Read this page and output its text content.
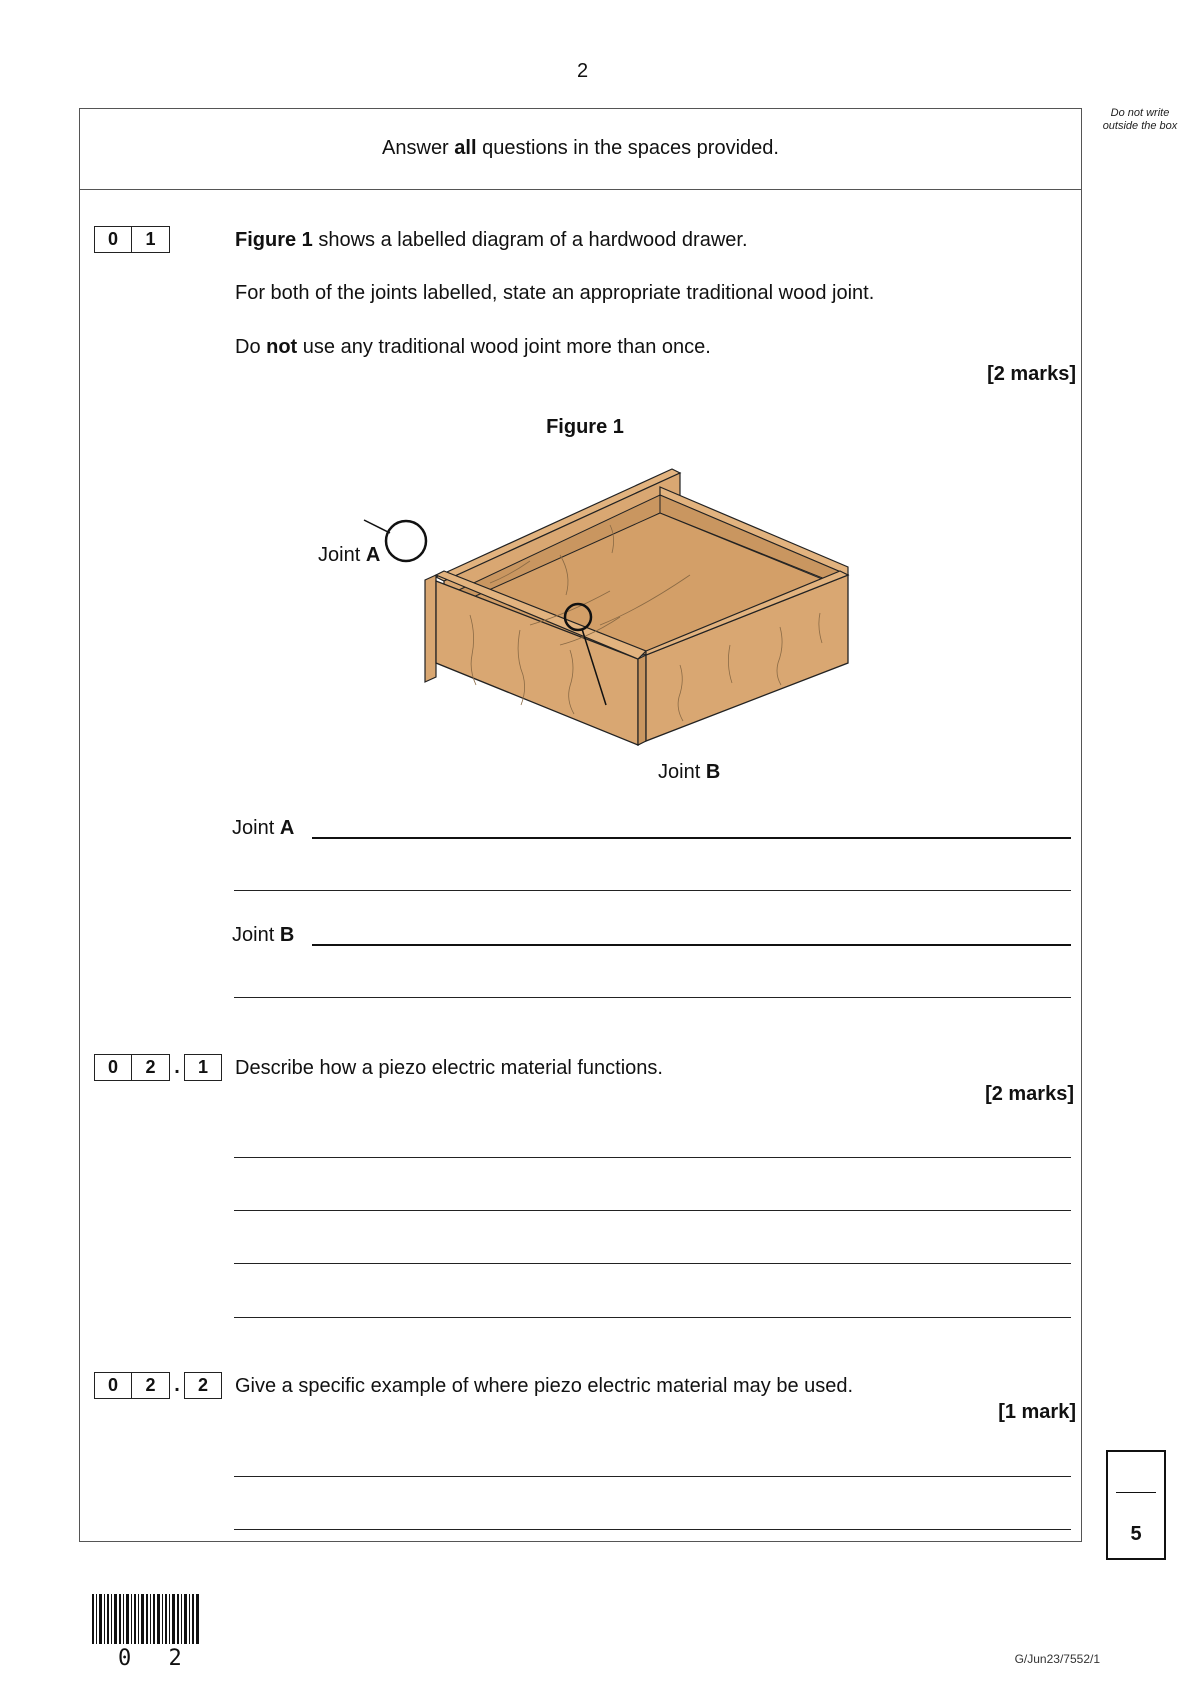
2
Do not write outside the box
Answer all questions in the spaces provided.
0	1	Figure 1 shows a labelled diagram of a hardwood drawer.
For both of the joints labelled, state an appropriate traditional wood joint.
Do not use any traditional wood joint more than once.
[2 marks]
Figure 1
Joint A
Joint B
Joint A
Joint B
0	2 .	1	Describe how a piezo electric material functions.
[2 marks]
0	2 .	2	Give a specific example of where piezo electric material may be used.
[1 mark]
5
0 2	G/Jun23/7552/1
